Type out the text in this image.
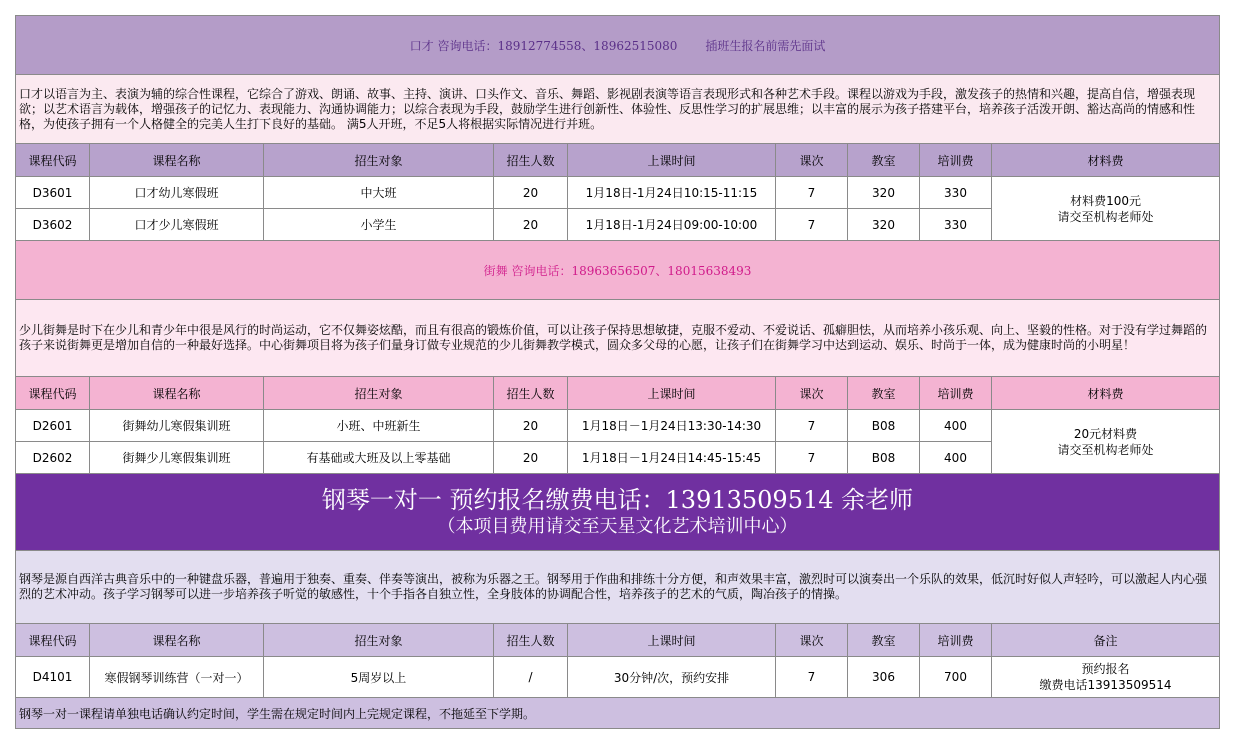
口才 咨询电话：18912774558、18962515080 插班生报名前需先面试								
口才以语言为主、表演为辅的综合性课程，它综合了游戏、朗诵、故事、主持、演讲、口头作文、音乐、舞蹈、影视剧表演等语言表现形式和各种艺术手段。课程以游戏为手段，激发孩子的热情和兴趣，提高自信，增强表现欲；以艺术语言为载体，增强孩子的记忆力、表现能力、沟通协调能力；以综合表现为手段，鼓励学生进行创新性、体验性、反思性学习的扩展思维；以丰富的展示为孩子搭建平台，培养孩子活泼开朗、豁达高尚的情感和性格，为使孩子拥有一个人格健全的完美人生打下良好的基础。 满5人开班，不足5人将根据实际情况进行并班。								
课程代码	课程名称	招生对象	招生人数	上课时间	课次	教室	培训费	材料费
D3601	口才幼儿寒假班	中大班	20	1月18日-1月24日10:15-11:15	7	320	330	材料费100元
请交至机构老师处

D3602	口才少儿寒假班	小学生	20	1月18日-1月24日09:00-10:00	7	320	330	
街舞 咨询电话：18963656507、18015638493								
少儿街舞是时下在少儿和青少年中很是风行的时尚运动，它不仅舞姿炫酷，而且有很高的锻炼价值，可以让孩子保持思想敏捷，克服不爱动、不爱说话、孤癖胆怯，从而培养小孩乐观、向上、坚毅的性格。对于没有学过舞蹈的孩子来说街舞更是增加自信的一种最好选择。中心街舞项目将为孩子们量身订做专业规范的少儿街舞教学模式，圆众多父母的心愿，让孩子们在街舞学习中达到运动、娱乐、时尚于一体，成为健康时尚的小明星！								
课程代码	课程名称	招生对象	招生人数	上课时间	课次	教室	培训费	材料费
D2601	街舞幼儿寒假集训班	小班、中班新生	20	1月18日－1月24日13:30-14:30	7	B08	400	20元材料费
请交至机构老师处

D2602	街舞少儿寒假集训班	有基础或大班及以上零基础	20	1月18日－1月24日14:45-15:45	7	B08	400	

钢琴一对一 预约报名缴费电话：13913509514 余老师
（本项目费用请交至天星文化艺术培训中心）								

钢琴是源自西洋古典音乐中的一种键盘乐器，普遍用于独奏、重奏、伴奏等演出，被称为乐器之王。钢琴用于作曲和排练十分方便，和声效果丰富，激烈时可以演奏出一个乐队的效果，低沉时好似人声轻吟，可以激起人内心强烈的艺术冲动。孩子学习钢琴可以进一步培养孩子听觉的敏感性，十个手指各自独立性，全身肢体的协调配合性，培养孩子的艺术的气质，陶冶孩子的情操。								
课程代码	课程名称	招生对象	招生人数	上课时间	课次	教室	培训费	备注
D4101	寒假钢琴训练营（一对一）	5周岁以上	/	30分钟/次，预约安排	7	306	700	预约报名
缴费电话13913509514

钢琴一对一课程请单独电话确认约定时间，学生需在规定时间内上完规定课程，不拖延至下学期。								
